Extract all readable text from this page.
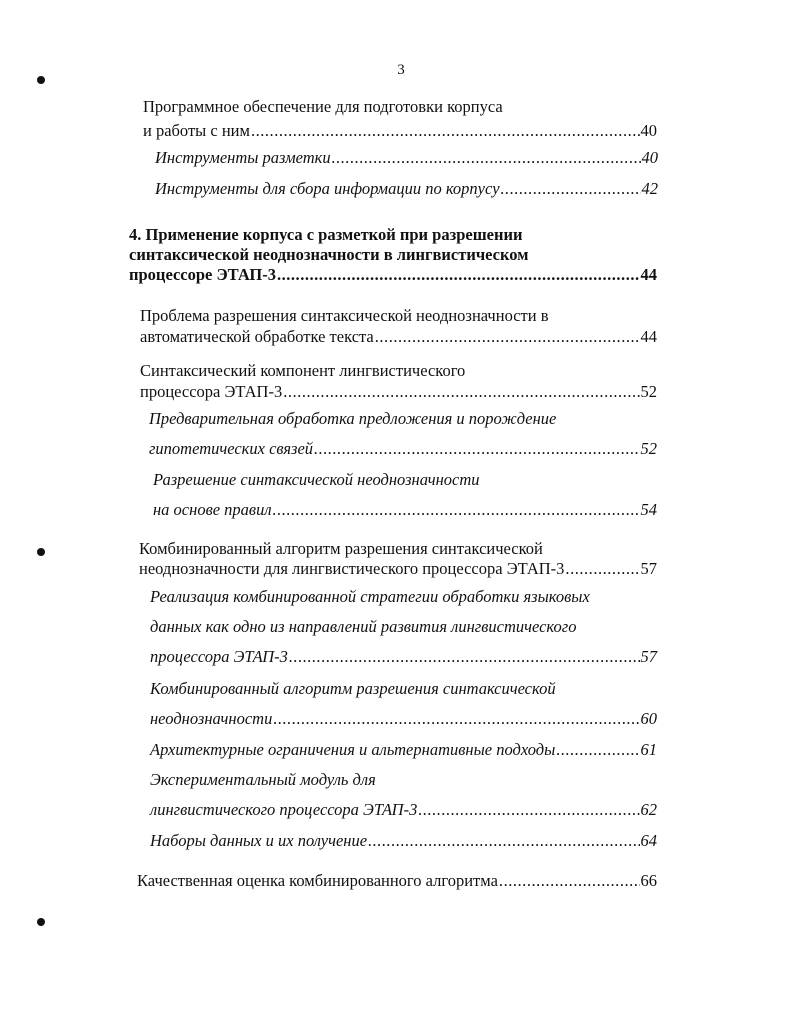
3
Программное обеспечение для подготовки корпуса
и работы с ним . . .	40
Инструменты разметки . . .	40
Инструменты для сбора информации по корпусу . . .	42
4. Применение корпуса с разметкой при разрешении
синтаксической неоднозначности в лингвистическом
процессоре ЭТАП-3 . . .	44
Проблема разрешения синтаксической неоднозначности в
автоматической обработке текста . . .	44
Синтаксический компонент лингвистического
процессора ЭТАП-3 . . .	52
Предварительная обработка предложения и порождение
гипотетических связей . . .	52
Разрешение синтаксической неоднозначности
на основе правил . . .	54
Комбинированный алгоритм разрешения синтаксической
неоднозначности для лингвистического процессора ЭТАП-3 . . .	57
Реализация комбинированной стратегии обработки языковых
данных как одно из направлений развития лингвистического
процессора ЭТАП-3 . . .	57
Комбинированный алгоритм разрешения синтаксической
неоднозначности . . .	60
Архитектурные ограничения и альтернативные подходы . . .	61
Экспериментальный модуль для
лингвистического процессора ЭТАП-3 . . .	62
Наборы данных и их получение . . .	64
Качественная оценка комбинированного алгоритма . . .	66
